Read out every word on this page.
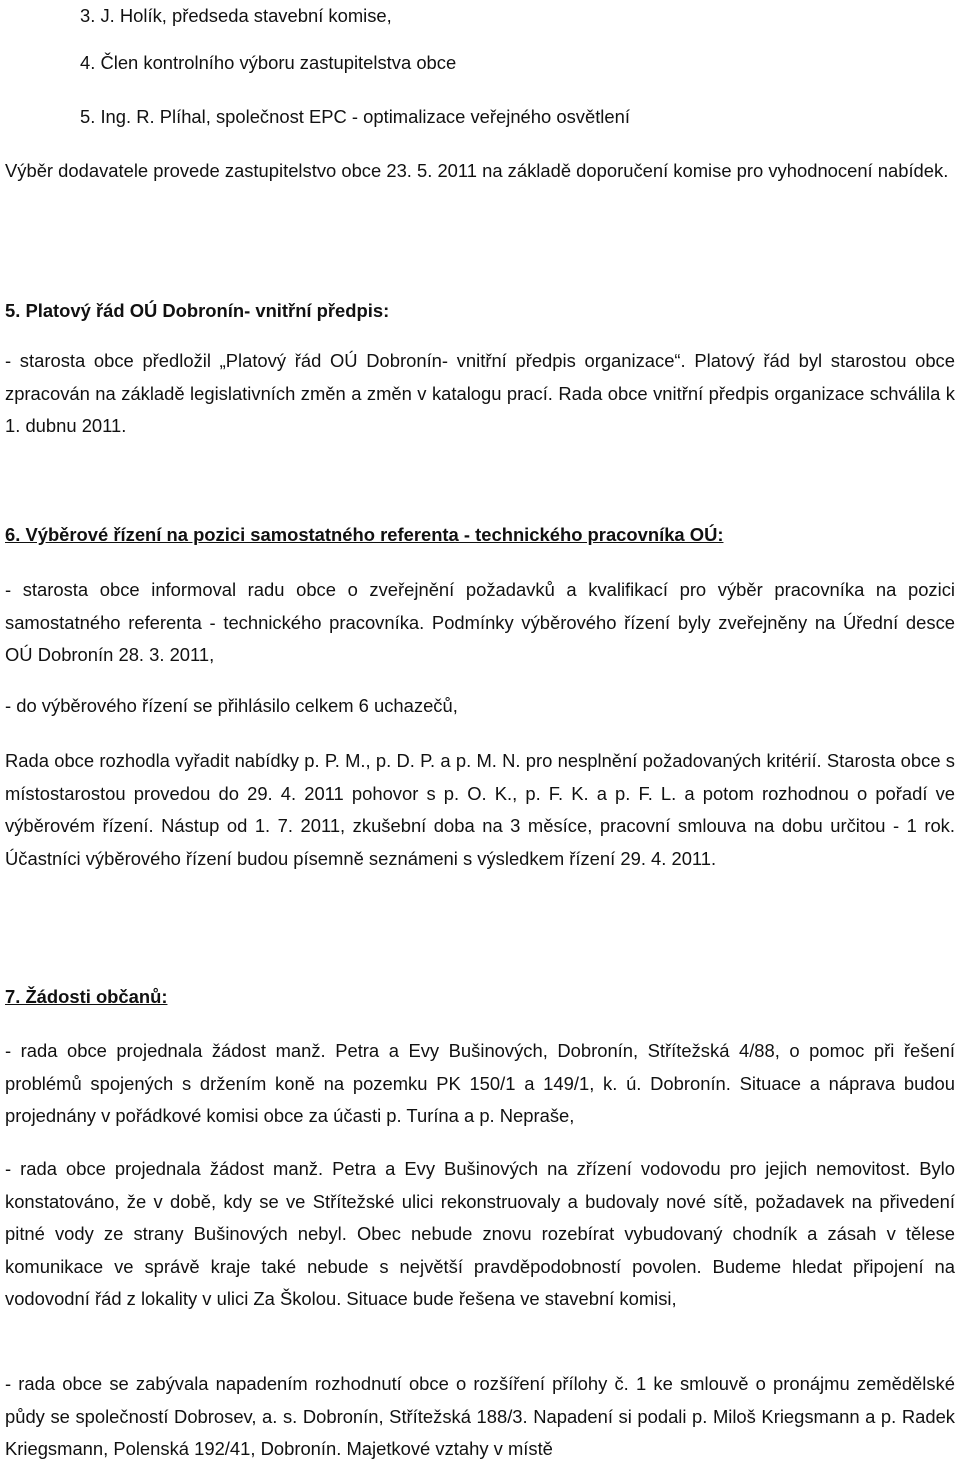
3. J. Holík, předseda stavební komise,
4. Člen kontrolního výboru zastupitelstva obce
5. Ing. R. Plíhal, společnost EPC - optimalizace veřejného osvětlení

Výběr dodavatele provede zastupitelstvo obce 23. 5. 2011 na základě doporučení komise pro vyhodnocení nabídek.

5. Platový řád OÚ Dobronín- vnitřní předpis:

- starosta obce předložil „Platový řád OÚ Dobronín- vnitřní předpis organizace“. Platový řád byl starostou obce zpracován na základě legislativních změn a změn v katalogu prací. Rada obce vnitřní předpis organizace schválila k 1. dubnu 2011.

6. Výběrové řízení na pozici samostatného referenta - technického pracovníka OÚ:

- starosta obce informoval radu obce o zveřejnění požadavků a kvalifikací pro výběr pracovníka na pozici samostatného referenta - technického pracovníka. Podmínky výběrového řízení byly zveřejněny na Úřední desce OÚ Dobronín 28. 3. 2011,

- do výběrového řízení se přihlásilo celkem 6 uchazečů,

Rada obce rozhodla vyřadit nabídky p. P. M., p. D. P. a p. M. N. pro nesplnění požadovaných kritérií. Starosta obce s místostarostou provedou do 29. 4. 2011 pohovor s p. O. K., p. F. K. a p. F. L. a potom rozhodnou o pořadí ve výběrovém řízení. Nástup od 1. 7. 2011, zkušební doba na 3 měsíce, pracovní smlouva na dobu určitou - 1 rok. Účastníci výběrového řízení budou písemně seznámeni s výsledkem řízení 29. 4. 2011.

7. Žádosti občanů:

- rada obce projednala žádost manž. Petra a Evy Bušinových, Dobronín, Střítežská 4/88, o pomoc při řešení problémů spojených s držením koně na pozemku PK 150/1 a 149/1, k. ú. Dobronín. Situace a náprava budou projednány v pořádkové komisi obce za účasti p. Turína a p. Nepraše,

- rada obce projednala žádost manž. Petra a Evy Bušinových na zřízení vodovodu pro jejich nemovitost. Bylo konstatováno, že v době, kdy se ve Střítežské ulici rekonstruovaly a budovaly nové sítě, požadavek na přivedení pitné vody ze strany Bušinových nebyl. Obec nebude znovu rozebírat vybudovaný chodník a zásah v tělese komunikace ve správě kraje také nebude s největší pravděpodobností povolen. Budeme hledat připojení na vodovodní řád z lokality v ulici Za Školou. Situace bude řešena ve stavební komisi,

- rada obce se zabývala napadením rozhodnutí obce o rozšíření přílohy č. 1 ke smlouvě o pronájmu zemědělské půdy se společností Dobrosev, a. s. Dobronín, Střítežská 188/3. Napadení si podali p. Miloš Kriegsmann a p. Radek Kriegsmann, Polenská 192/41, Dobronín. Majetkové vztahy v místě
